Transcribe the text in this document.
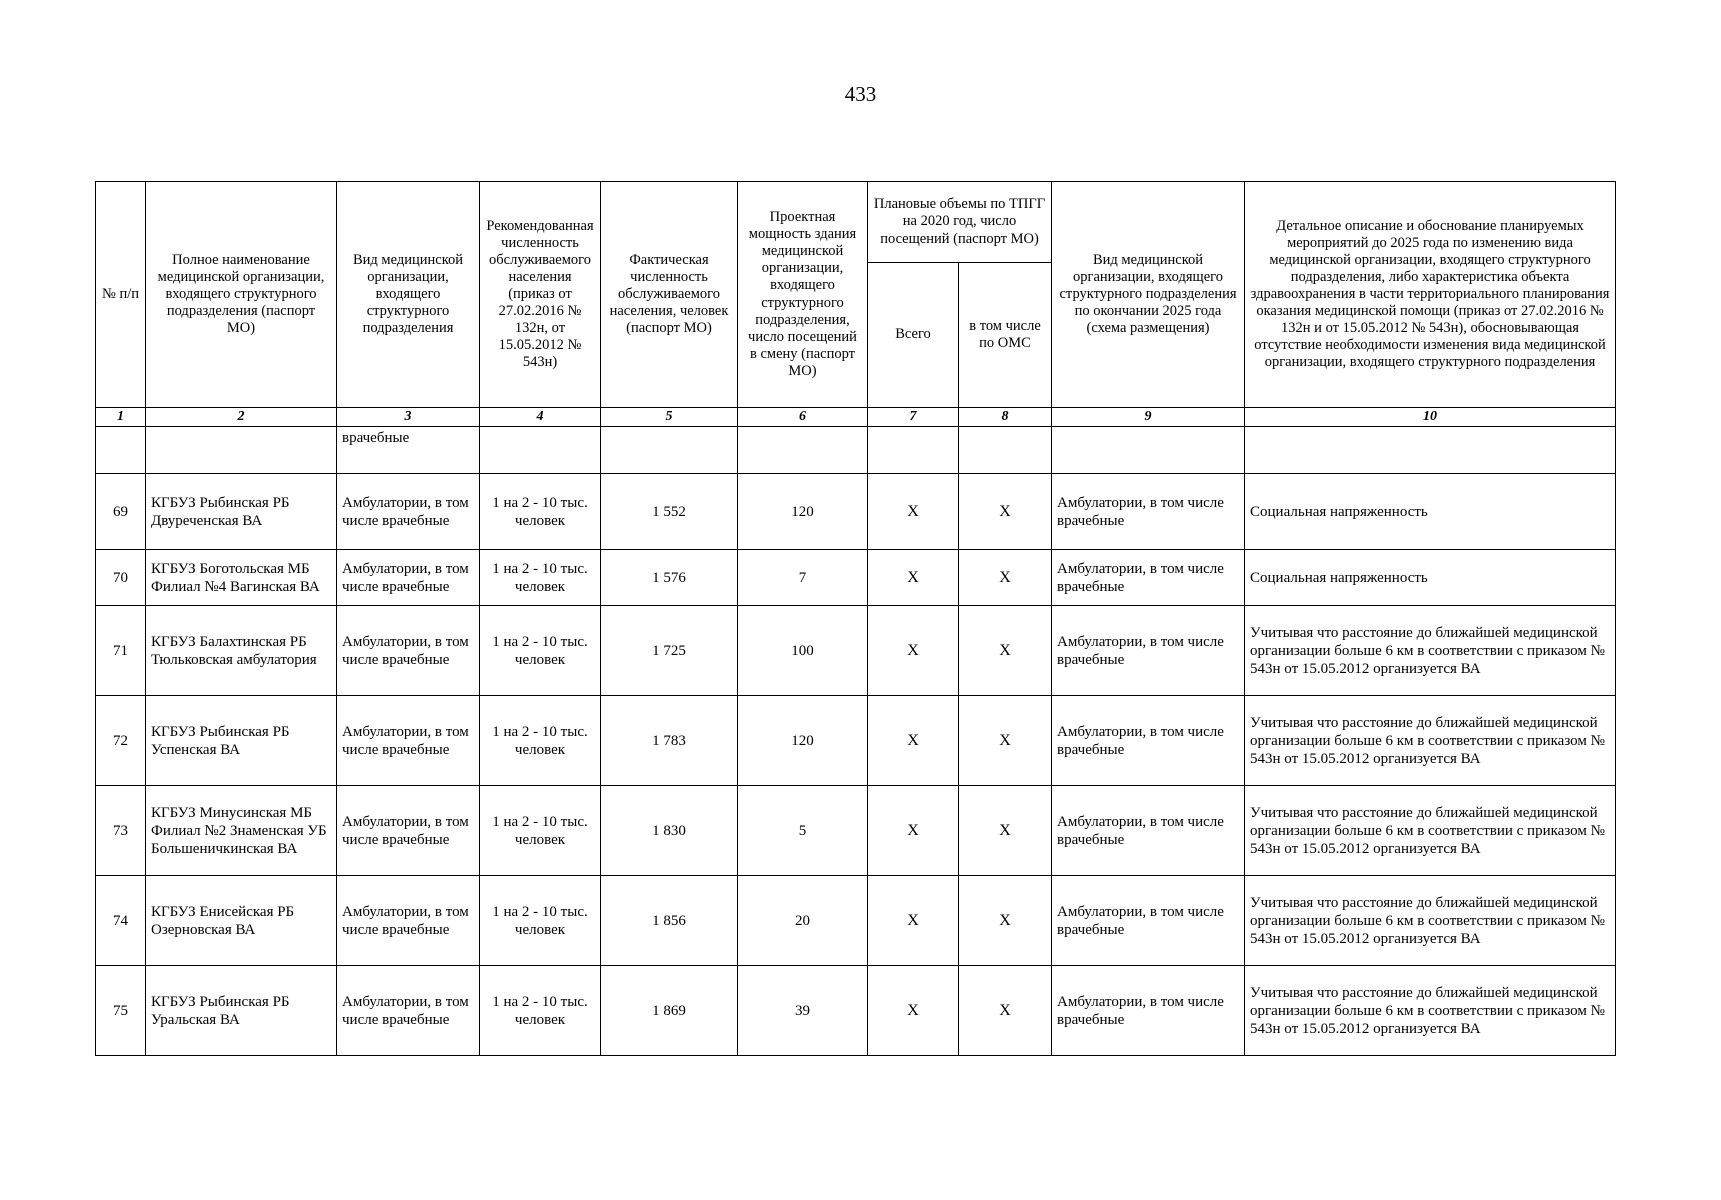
433
№ п/п	Полное наименование медицинской организации, входящего структурного подразделения (паспорт МО)	Вид медицинской организации, входящего структурного подразделения	Рекомендованная численность обслуживаемого населения (приказ от 27.02.2016 № 132н, от 15.05.2012 № 543н)	Фактическая численность обслуживаемого населения, человек (паспорт МО)	Проектная мощность здания медицинской организации, входящего структурного подразделения, число посещений в смену (паспорт МО)	Плановые объемы по ТПГГ на 2020 год, число посещений (паспорт МО)		Вид медицинской организации, входящего структурного подразделения по окончании 2025 года (схема размещения)	Детальное описание и обоснование планируемых мероприятий до 2025 года по изменению вида медицинской организации, входящего структурного подразделения, либо характеристика объекта здравоохранения в части территориального планирования оказания медицинской помощи (приказ от 27.02.2016 № 132н и от 15.05.2012 № 543н), обосновывающая отсутствие необходимости изменения вида медицинской организации, входящего структурного подразделения
						Всего	в том числе по ОМС		
1	2	3	4	5	6	7	8	9	10
		врачебные							
69	КГБУЗ Рыбинская РБ Двуреченская ВА	Амбулатории, в том числе врачебные	1 на 2 - 10 тыс. человек	1 552	120	Х	Х	Амбулатории, в том числе врачебные	Социальная напряженность
70	КГБУЗ Боготольская МБ Филиал №4 Вагинская ВА	Амбулатории, в том числе врачебные	1 на 2 - 10 тыс. человек	1 576	7	Х	Х	Амбулатории, в том числе врачебные	Социальная напряженность
71	КГБУЗ Балахтинская РБ Тюльковская амбулатория	Амбулатории, в том числе врачебные	1 на 2 - 10 тыс. человек	1 725	100	Х	Х	Амбулатории, в том числе врачебные	Учитывая что расстояние до ближайшей медицинской организации больше 6 км в соответствии с приказом № 543н от 15.05.2012 организуется ВА
72	КГБУЗ Рыбинская РБ Успенская ВА	Амбулатории, в том числе врачебные	1 на 2 - 10 тыс. человек	1 783	120	Х	Х	Амбулатории, в том числе врачебные	Учитывая что расстояние до ближайшей медицинской организации больше 6 км в соответствии с приказом № 543н от 15.05.2012 организуется ВА
73	КГБУЗ Минусинская МБ Филиал №2 Знаменская УБ Большеничкинская ВА	Амбулатории, в том числе врачебные	1 на 2 - 10 тыс. человек	1 830	5	Х	Х	Амбулатории, в том числе врачебные	Учитывая что расстояние до ближайшей медицинской организации больше 6 км в соответствии с приказом № 543н от 15.05.2012 организуется ВА
74	КГБУЗ Енисейская РБ Озерновская ВА	Амбулатории, в том числе врачебные	1 на 2 - 10 тыс. человек	1 856	20	Х	Х	Амбулатории, в том числе врачебные	Учитывая что расстояние до ближайшей медицинской организации больше 6 км в соответствии с приказом № 543н от 15.05.2012 организуется ВА
75	КГБУЗ Рыбинская РБ Уральская ВА	Амбулатории, в том числе врачебные	1 на 2 - 10 тыс. человек	1 869	39	Х	Х	Амбулатории, в том числе врачебные	Учитывая что расстояние до ближайшей медицинской организации больше 6 км в соответствии с приказом № 543н от 15.05.2012 организуется ВА
